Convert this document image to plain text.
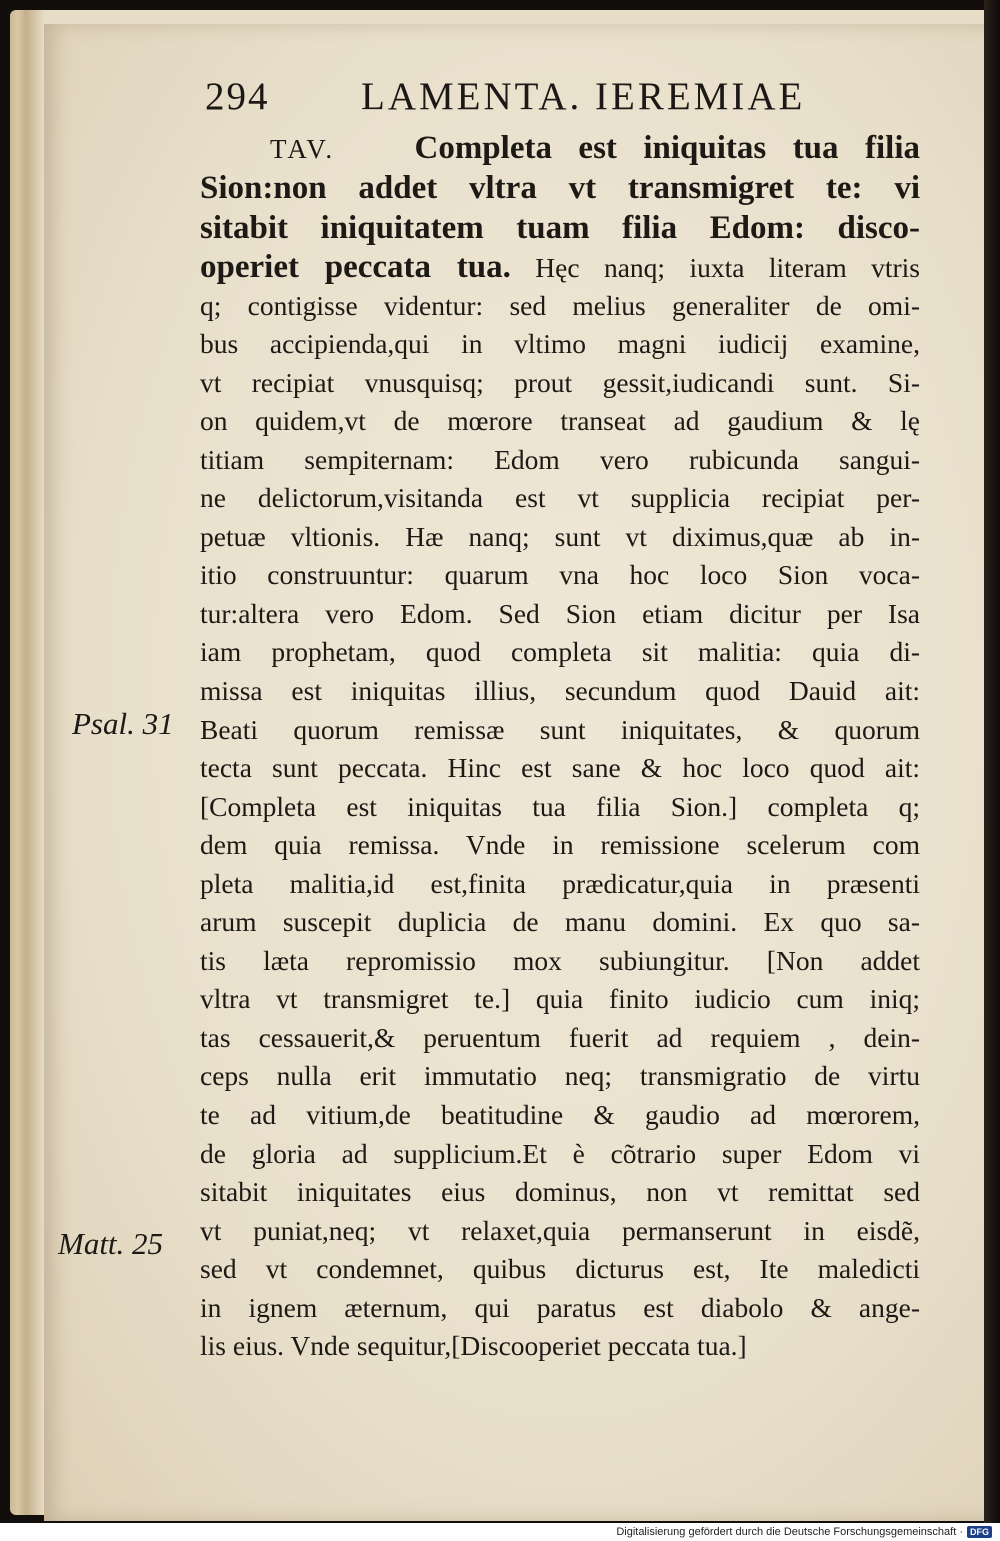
294 LAMENTA. IEREMIAE
TAV. Completa est iniquitas tua filia
Sion:non addet vltra vt transmigret te: vi
sitabit iniquitatem tuam filia Edom: disco-
operiet peccata tua. Hęc nanq; iuxta literam vtris
q; contigisse videntur: sed melius generaliter de omi-
bus accipienda,qui in vltimo magni iudicij examine,
vt recipiat vnusquisq; prout gessit,iudicandi sunt. Si-
on quidem,vt de mœrore transeat ad gaudium & lę
titiam sempiternam: Edom vero rubicunda sangui-
ne delictorum,visitanda est vt supplicia recipiat per-
petuæ vltionis. Hæ nanq; sunt vt diximus,quæ ab in-
itio construuntur: quarum vna hoc loco Sion voca-
tur:altera vero Edom. Sed Sion etiam dicitur per Isa
iam prophetam, quod completa sit malitia: quia di-
missa est iniquitas illius, secundum quod Dauid ait:
Beati quorum remissæ sunt iniquitates, & quorum
tecta sunt peccata. Hinc est sane & hoc loco quod ait:
[Completa est iniquitas tua filia Sion.] completa q;
dem quia remissa. Vnde in remissione scelerum com
pleta malitia,id est,finita prædicatur,quia in præsenti
arum suscepit duplicia de manu domini. Ex quo sa-
tis læta repromissio mox subiungitur. [Non addet
vltra vt transmigret te.] quia finito iudicio cum iniq;
tas cessauerit,& peruentum fuerit ad requiem , dein-
ceps nulla erit immutatio neq; transmigratio de virtu
te ad vitium,de beatitudine & gaudio ad mœrorem,
de gloria ad supplicium.Et è cõtrario super Edom vi
sitabit iniquitates eius dominus, non vt remittat sed
vt puniat,neq; vt relaxet,quia permanserunt in eisdẽ,
sed vt condemnet, quibus dicturus est, Ite maledicti
in ignem æternum, qui paratus est diabolo & ange-
lis eius. Vnde sequitur,[Discooperiet peccata tua.]
Psal. 31
Matt. 25
Digitalisierung gefördert durch die Deutsche Forschungsgemeinschaft · DFG
